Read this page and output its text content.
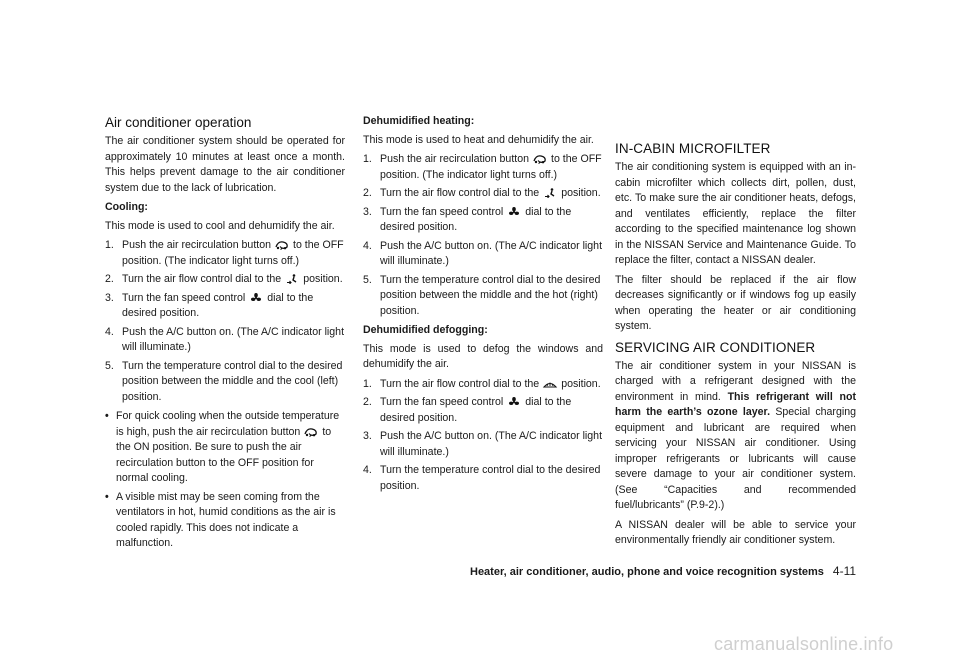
Air conditioner operation

The air conditioner system should be operated for approximately 10 minutes at least once a month. This helps prevent damage to the air conditioner system due to the lack of lubrication.

Cooling:

This mode is used to cool and dehumidify the air.

1. Push the air recirculation button to the OFF position. (The indicator light turns off.)
2. Turn the air flow control dial to the position.
3. Turn the fan speed control dial to the desired position.
4. Push the A/C button on. (The A/C indicator light will illuminate.)
5. Turn the temperature control dial to the desired position between the middle and the cool (left) position.
• For quick cooling when the outside temperature is high, push the air recirculation button to the ON position. Be sure to push the air recirculation button to the OFF position for normal cooling.
• A visible mist may be seen coming from the ventilators in hot, humid conditions as the air is cooled rapidly. This does not indicate a malfunction.
Dehumidified heating:

This mode is used to heat and dehumidify the air.

1. Push the air recirculation button to the OFF position. (The indicator light turns off.)
2. Turn the air flow control dial to the position.
3. Turn the fan speed control dial to the desired position.
4. Push the A/C button on. (The A/C indicator light will illuminate.)
5. Turn the temperature control dial to the desired position between the middle and the hot (right) position.
Dehumidified defogging:

This mode is used to defog the windows and dehumidify the air.

1. Turn the air flow control dial to the position.
2. Turn the fan speed control dial to the desired position.
3. Push the A/C button on. (The A/C indicator light will illuminate.)
4. Turn the temperature control dial to the desired position.
IN-CABIN MICROFILTER

The air conditioning system is equipped with an in-cabin microfilter which collects dirt, pollen, dust, etc. To make sure the air conditioner heats, defogs, and ventilates efficiently, replace the filter according to the specified maintenance log shown in the NISSAN Service and Maintenance Guide. To replace the filter, contact a NISSAN dealer.

The filter should be replaced if the air flow decreases significantly or if windows fog up easily when operating the heater or air conditioning system.

SERVICING AIR CONDITIONER

The air conditioner system in your NISSAN is charged with a refrigerant designed with the environment in mind. This refrigerant will not harm the earth’s ozone layer. Special charging equipment and lubricant are required when servicing your NISSAN air conditioner. Using improper refrigerants or lubricants will cause severe damage to your air conditioner system. (See “Capacities and recommended fuel/lubricants” (P.9-2).)

A NISSAN dealer will be able to service your environmentally friendly air conditioner system.

Heater, air conditioner, audio, phone and voice recognition systems 4-11
carmanualsonline.info
